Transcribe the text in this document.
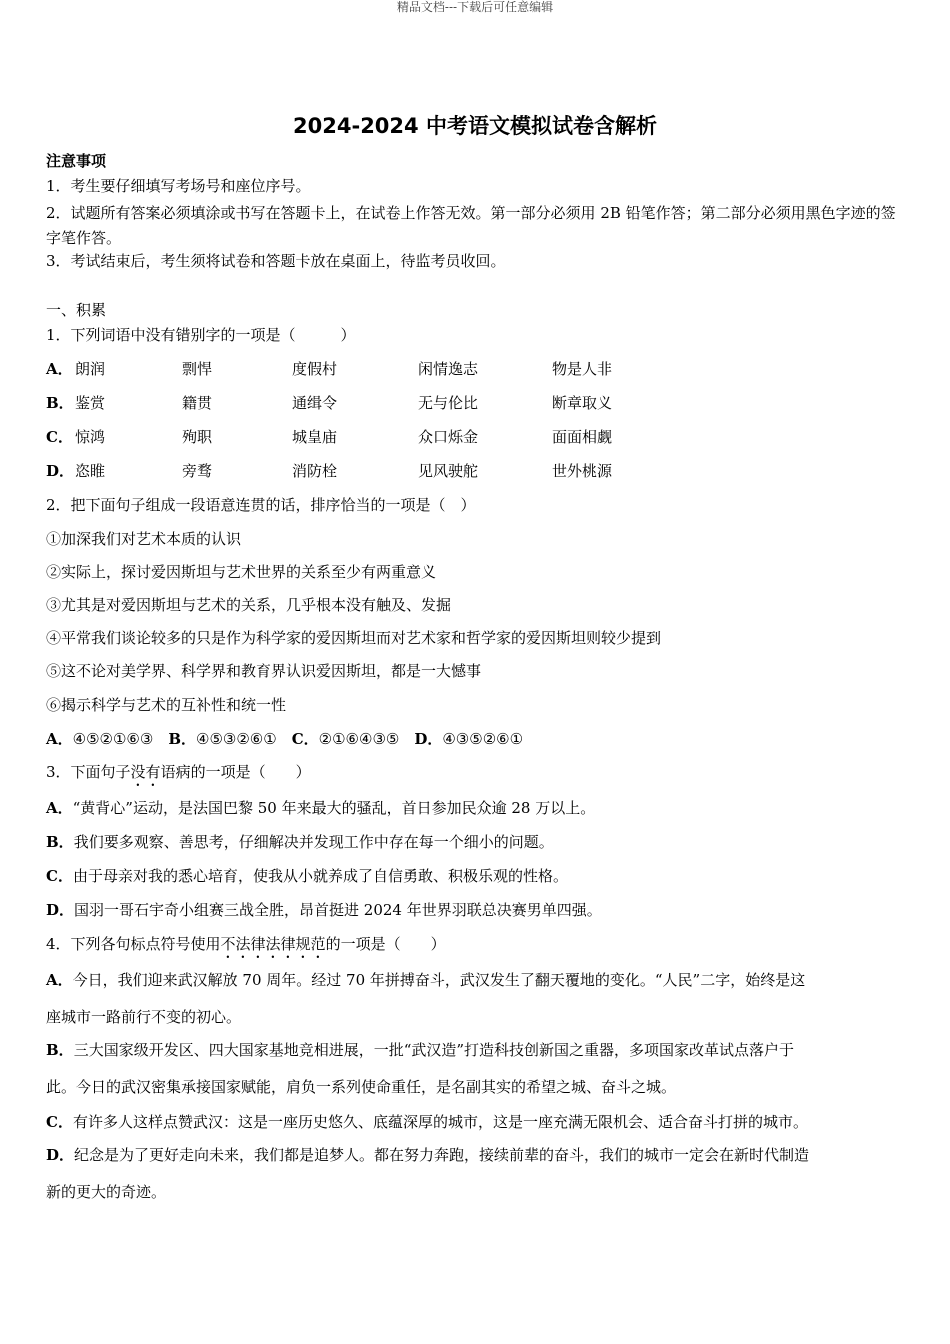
精品文档---下载后可任意编辑
2024-2024 中考语文模拟试卷含解析
注意事项
1．考生要仔细填写考场号和座位序号。
2．试题所有答案必须填涂或书写在答题卡上，在试卷上作答无效。第一部分必须用 2B 铅笔作答；第二部分必须用黑色字迹的签字笔作答。
3．考试结束后，考生须将试卷和答题卡放在桌面上，待监考员收回。
一、积累
1．下列词语中没有错别字的一项是（　　　）
A． 朗润	剽悍	度假村	闲情逸志	物是人非
B． 鉴赏	籍贯	通缉令	无与伦比	断章取义
C． 惊鸿	殉职	城皇庙	众口烁金	面面相觑
D． 恣睢	旁骛	消防栓	见风驶舵	世外桃源
2．把下面句子组成一段语意连贯的话，排序恰当的一项是（　）
①加深我们对艺术本质的认识
②实际上，探讨爱因斯坦与艺术世界的关系至少有两重意义
③尤其是对爱因斯坦与艺术的关系，几乎根本没有触及、发掘
④平常我们谈论较多的只是作为科学家的爱因斯坦而对艺术家和哲学家的爱因斯坦则较少提到
⑤这不论对美学界、科学界和教育界认识爱因斯坦，都是一大憾事
⑥揭示科学与艺术的互补性和统一性
A．④⑤②①⑥③　B．④⑤③②⑥①　C．②①⑥④③⑤　D．④③⑤②⑥①
3．下面句子没有语病的一项是（　　）
A．“黄背心”运动，是法国巴黎 50 年来最大的骚乱，首日参加民众逾 28 万以上。
B．我们要多观察、善思考，仔细解决并发现工作中存在每一个细小的问题。
C．由于母亲对我的悉心培育，使我从小就养成了自信勇敢、积极乐观的性格。
D．国羽一哥石宇奇小组赛三战全胜，昂首挺进 2024 年世界羽联总决赛男单四强。
4．下列各句标点符号使用不法律法律规范的一项是（　　）
A．今日，我们迎来武汉解放 70 周年。经过 70 年拼搏奋斗，武汉发生了翻天覆地的变化。“人民”二字，始终是这
座城市一路前行不变的初心。
B．三大国家级开发区、四大国家基地竞相进展，一批“武汉造”打造科技创新国之重器，多项国家改革试点落户于
此。今日的武汉密集承接国家赋能，肩负一系列使命重任，是名副其实的希望之城、奋斗之城。
C．有许多人这样点赞武汉：这是一座历史悠久、底蕴深厚的城市，这是一座充满无限机会、适合奋斗打拼的城市。
D．纪念是为了更好走向未来，我们都是追梦人。都在努力奔跑，接续前辈的奋斗，我们的城市一定会在新时代制造
新的更大的奇迹。
